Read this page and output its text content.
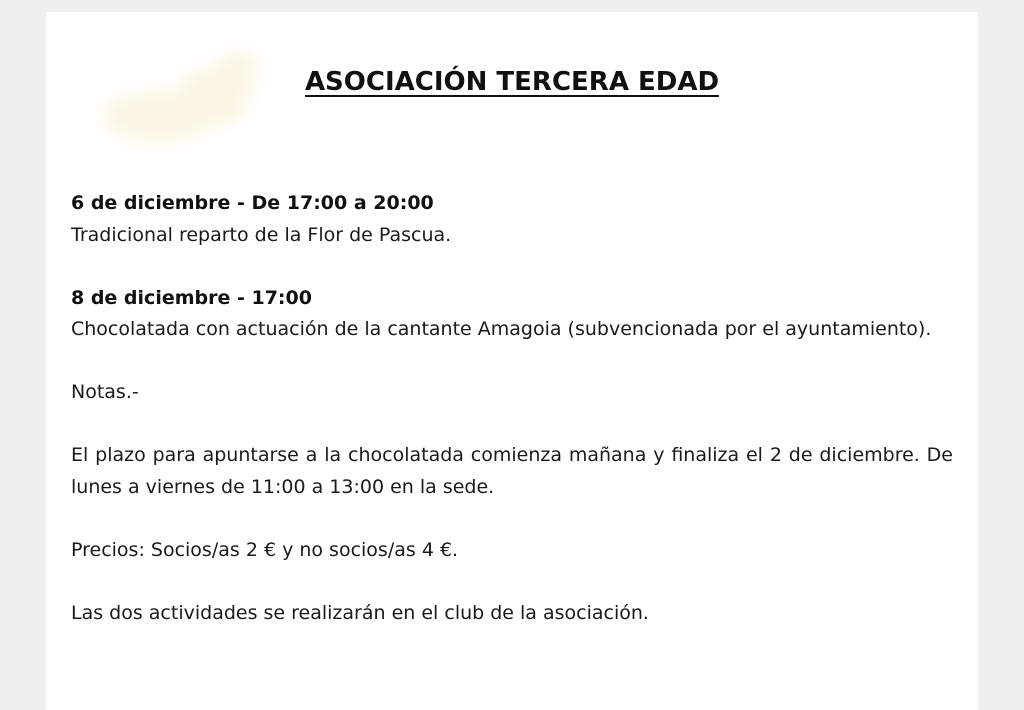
ASOCIACIÓN TERCERA EDAD
6 de diciembre - De 17:00 a 20:00
Tradicional reparto de la Flor de Pascua.
8 de diciembre - 17:00
Chocolatada con actuación de la cantante Amagoia (subvencionada por el ayuntamiento).
Notas.-
El plazo para apuntarse a la chocolatada comienza mañana y finaliza el 2 de diciembre. De lunes a viernes de 11:00 a 13:00 en la sede.
Precios: Socios/as 2 € y no socios/as 4 €.
Las dos actividades se realizarán en el club de la asociación.
